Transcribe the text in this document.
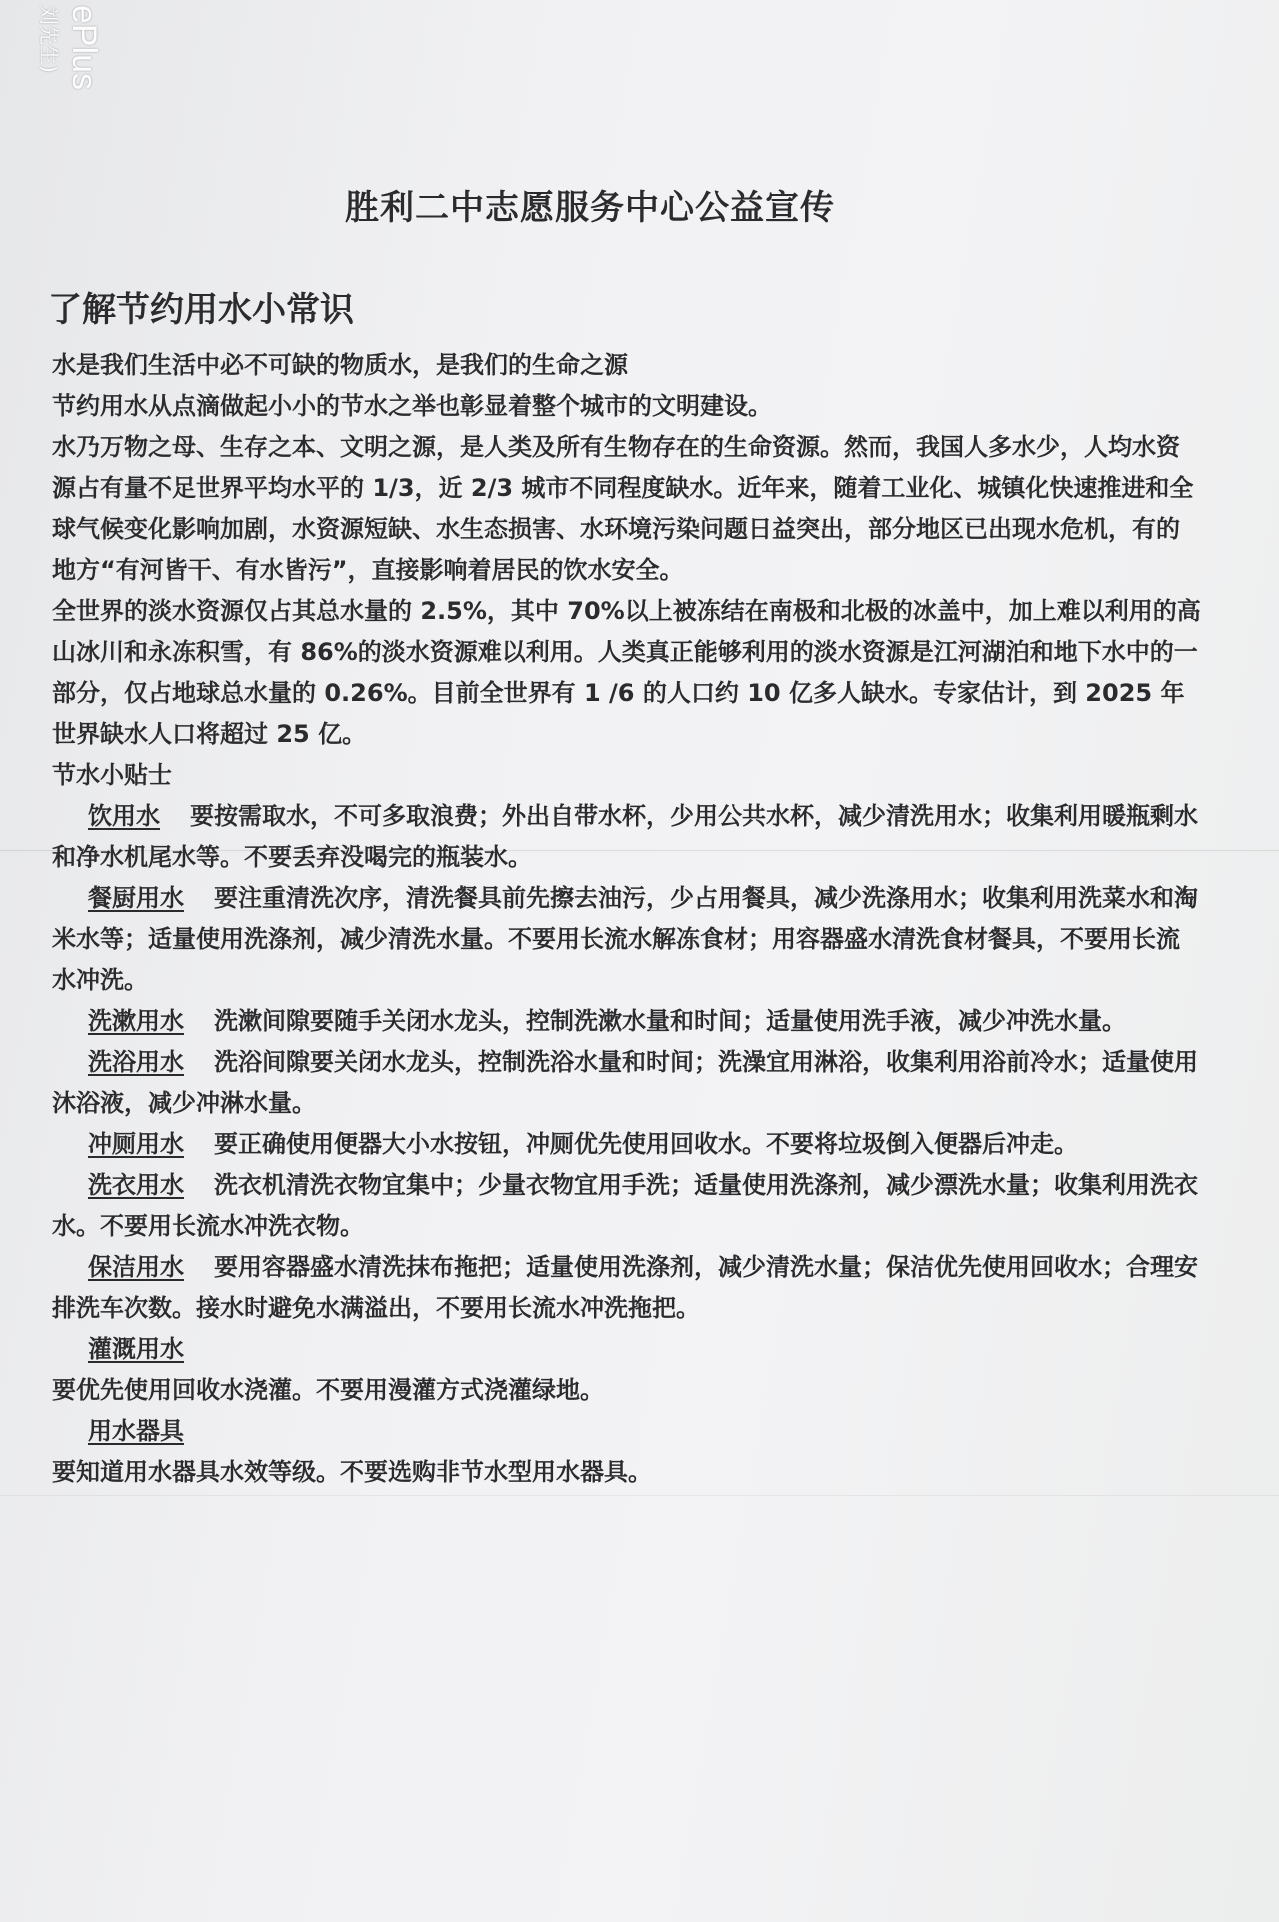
ePlus
刘先生)
胜利二中志愿服务中心公益宣传
了解节约用水小常识

水是我们生活中必不可缺的物质水，是我们的生命之源

节约用水从点滴做起小小的节水之举也彰显着整个城市的文明建设。

水乃万物之母、生存之本、文明之源，是人类及所有生物存在的生命资源。然而，我国人多水少，人均水资源占有量不足世界平均水平的 1/3，近 2/3 城市不同程度缺水。近年来，随着工业化、城镇化快速推进和全球气候变化影响加剧，水资源短缺、水生态损害、水环境污染问题日益突出，部分地区已出现水危机，有的地方“有河皆干、有水皆污”，直接影响着居民的饮水安全。

全世界的淡水资源仅占其总水量的 2.5%，其中 70%以上被冻结在南极和北极的冰盖中，加上难以利用的高山冰川和永冻积雪，有 86%的淡水资源难以利用。人类真正能够利用的淡水资源是江河湖泊和地下水中的一部分，仅占地球总水量的 0.26%。目前全世界有 1 /6 的人口约 10 亿多人缺水。专家估计，到 2025 年世界缺水人口将超过 25 亿。

节水小贴士

饮用水 要按需取水，不可多取浪费；外出自带水杯，少用公共水杯，减少清洗用水；收集利用暖瓶剩水和净水机尾水等。不要丢弃没喝完的瓶装水。

餐厨用水 要注重清洗次序，清洗餐具前先擦去油污，少占用餐具，减少洗涤用水；收集利用洗菜水和淘米水等；适量使用洗涤剂，减少清洗水量。不要用长流水解冻食材；用容器盛水清洗食材餐具，不要用长流水冲洗。

洗漱用水 洗漱间隙要随手关闭水龙头，控制洗漱水量和时间；适量使用洗手液，减少冲洗水量。

洗浴用水 洗浴间隙要关闭水龙头，控制洗浴水量和时间；洗澡宜用淋浴，收集利用浴前冷水；适量使用沐浴液，减少冲淋水量。

冲厕用水 要正确使用便器大小水按钮，冲厕优先使用回收水。不要将垃圾倒入便器后冲走。

洗衣用水 洗衣机清洗衣物宜集中；少量衣物宜用手洗；适量使用洗涤剂，减少漂洗水量；收集利用洗衣水。不要用长流水冲洗衣物。

保洁用水 要用容器盛水清洗抹布拖把；适量使用洗涤剂，减少清洗水量；保洁优先使用回收水；合理安排洗车次数。接水时避免水满溢出，不要用长流水冲洗拖把。

灌溉用水
要优先使用回收水浇灌。不要用漫灌方式浇灌绿地。

用水器具
要知道用水器具水效等级。不要选购非节水型用水器具。
